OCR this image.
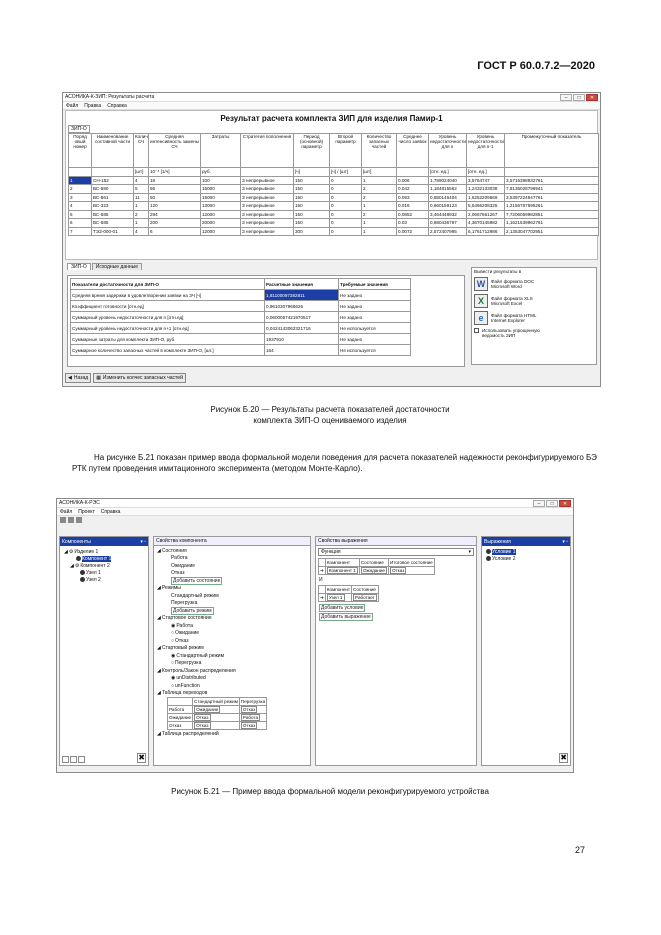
ГОСТ Р 60.0.7.2—2020
АСОНИКА-К-ЗИП: Результаты расчета	–	□	✕
Файл Правка Справка
Результат расчета комплекта ЗИП для изделия Памир-1
ЗИП-О
Поряд овый номер	Наименование составной части	Колич СЧ	Средняя интенсивность замены СЧ	Затраты	Стратегия пополнения	Период (основной) параметр	Второй параметр	Количество запасных частей	Среднее число заявок	Уровень недостаточности для n	Уровень недостаточности для n-1	Промежуточный показатель
		[шт]	10⁻⁶ [1/ч]	руб.		[ч]	[ч] / [шт]	[шт]		[отн. ед.]	[отн. ед.]	
1	СН-152	4	18	100	З непрерывное	150	0	1	0.006	1,789024040	3,5764747	3,5715398832761
2	ВС-580	5	56	15000	З непрерывное	150	0	2	0.042	1,184815562	1,2432133038	7,8136028796941
3	ВС-561	11	50	15000	З непрерывное	150	0	2	0.093	0,880146404	1,6252209669	3,5397224947761
4	ВС-323	1	120	13000	З непрерывное	150	0	1	0.016	0,860159123	5,5466208325	1,2156767595261
5	ВС-585	2	294	12000	З непрерывное	150	0	2	0.0852	3,464448932	2,0667561267	7,7206059982851
6	ВС-585	1	200	20000	З непрерывное	150	0	1	0.03	0,880436797	4,3670145982	1,1621539962761
7	ТЭЗ-000-01	4	6	12000	З непрерывное	300	0	1	0.0072	2,572407995	6,1761712986	2,1353047702951
ЗИП-О	Исходные данные
Показатели достаточности для ЗИП-О	Расчетные значения	Требуемые значения
Средняя время задержки в удовлетворении заявки на ЗЧ [ч]	1,81100097382811	Не задано
Коэффициент готовности [отн.ед]	0,9610307966626	Не задано
Суммарный уровень недостаточности для n [отн.ед]	0,0600067421970517	Не задано
Суммарный уровень недостаточности для n+1 [отн.ед]	0,0424143062321716	Не используется
Суммарные затраты для комплекта ЗИП-О, руб.	1937910	Не задано
Суммарное количество запасных частей в комплекте ЗИП-О, [шт.]	164	Не используется
Вывести результаты в
W	Файл формата DOC Microsoft Word
X	Файл формата XLS Microsoft Excel
e	Файл формата HTML Internet Explorer
Использовать упрощенную ведомость ЗИП
◀ Назад ▦ Изменить колчес запасных частей
Рисунок Б.20 — Результаты расчета показателей достаточности комплекта ЗИП-О оцениваемого изделия
На рисунке Б.21 показан пример ввода формальной модели поведения для расчета показателей надежности реконфигурируемого БЭ РТК путем проведения имитационного эксперимента (методом Монте-Карло).
АСОНИКА-К-РЭС	–	□	✕
Файл Проект Справка
Компоненты	▾ ▫
◢ ⚙ Изделие 1
Компонент 1
◢ ⚙ Компонент 2
Узел 1
Узел 2
✖
Свойства компонента
◢ Состояния
Работа
Ожидание
Отказ
Добавить состояние
◢ Режимы
Стандартный режим
Перегрузка
Добавить режим
◢ Стартовое состояние
◉ Работа
○ Ожидание
○ Отказ
◢ Стартовый режим
◉ Стандартный режим
○ Перегрузка
◢ Контроль/Закон распределения
◉ unDistributed
○ unFunction
◢ Таблица переходов
	Стандартный режим	Перегрузка
Работа	Ожидание	Отказ
Ожидание	Отказ	Работа
Отказ	Отказ	Отказ
◢ Таблица распределений
Свойства выражения
Функция	▾
	Компонент	Состояние	Итоговое состояние
➔	Компонент 1	Ожидание	Отказ
И
	Компонент	Состояние
➔	Узел 1	Работает
Добавить условие
Добавить выражение
Выражения	▾ ▫
Условие 1
Условие 2
✖
Рисунок Б.21 — Пример ввода формальной модели реконфигурируемого устройства
27
